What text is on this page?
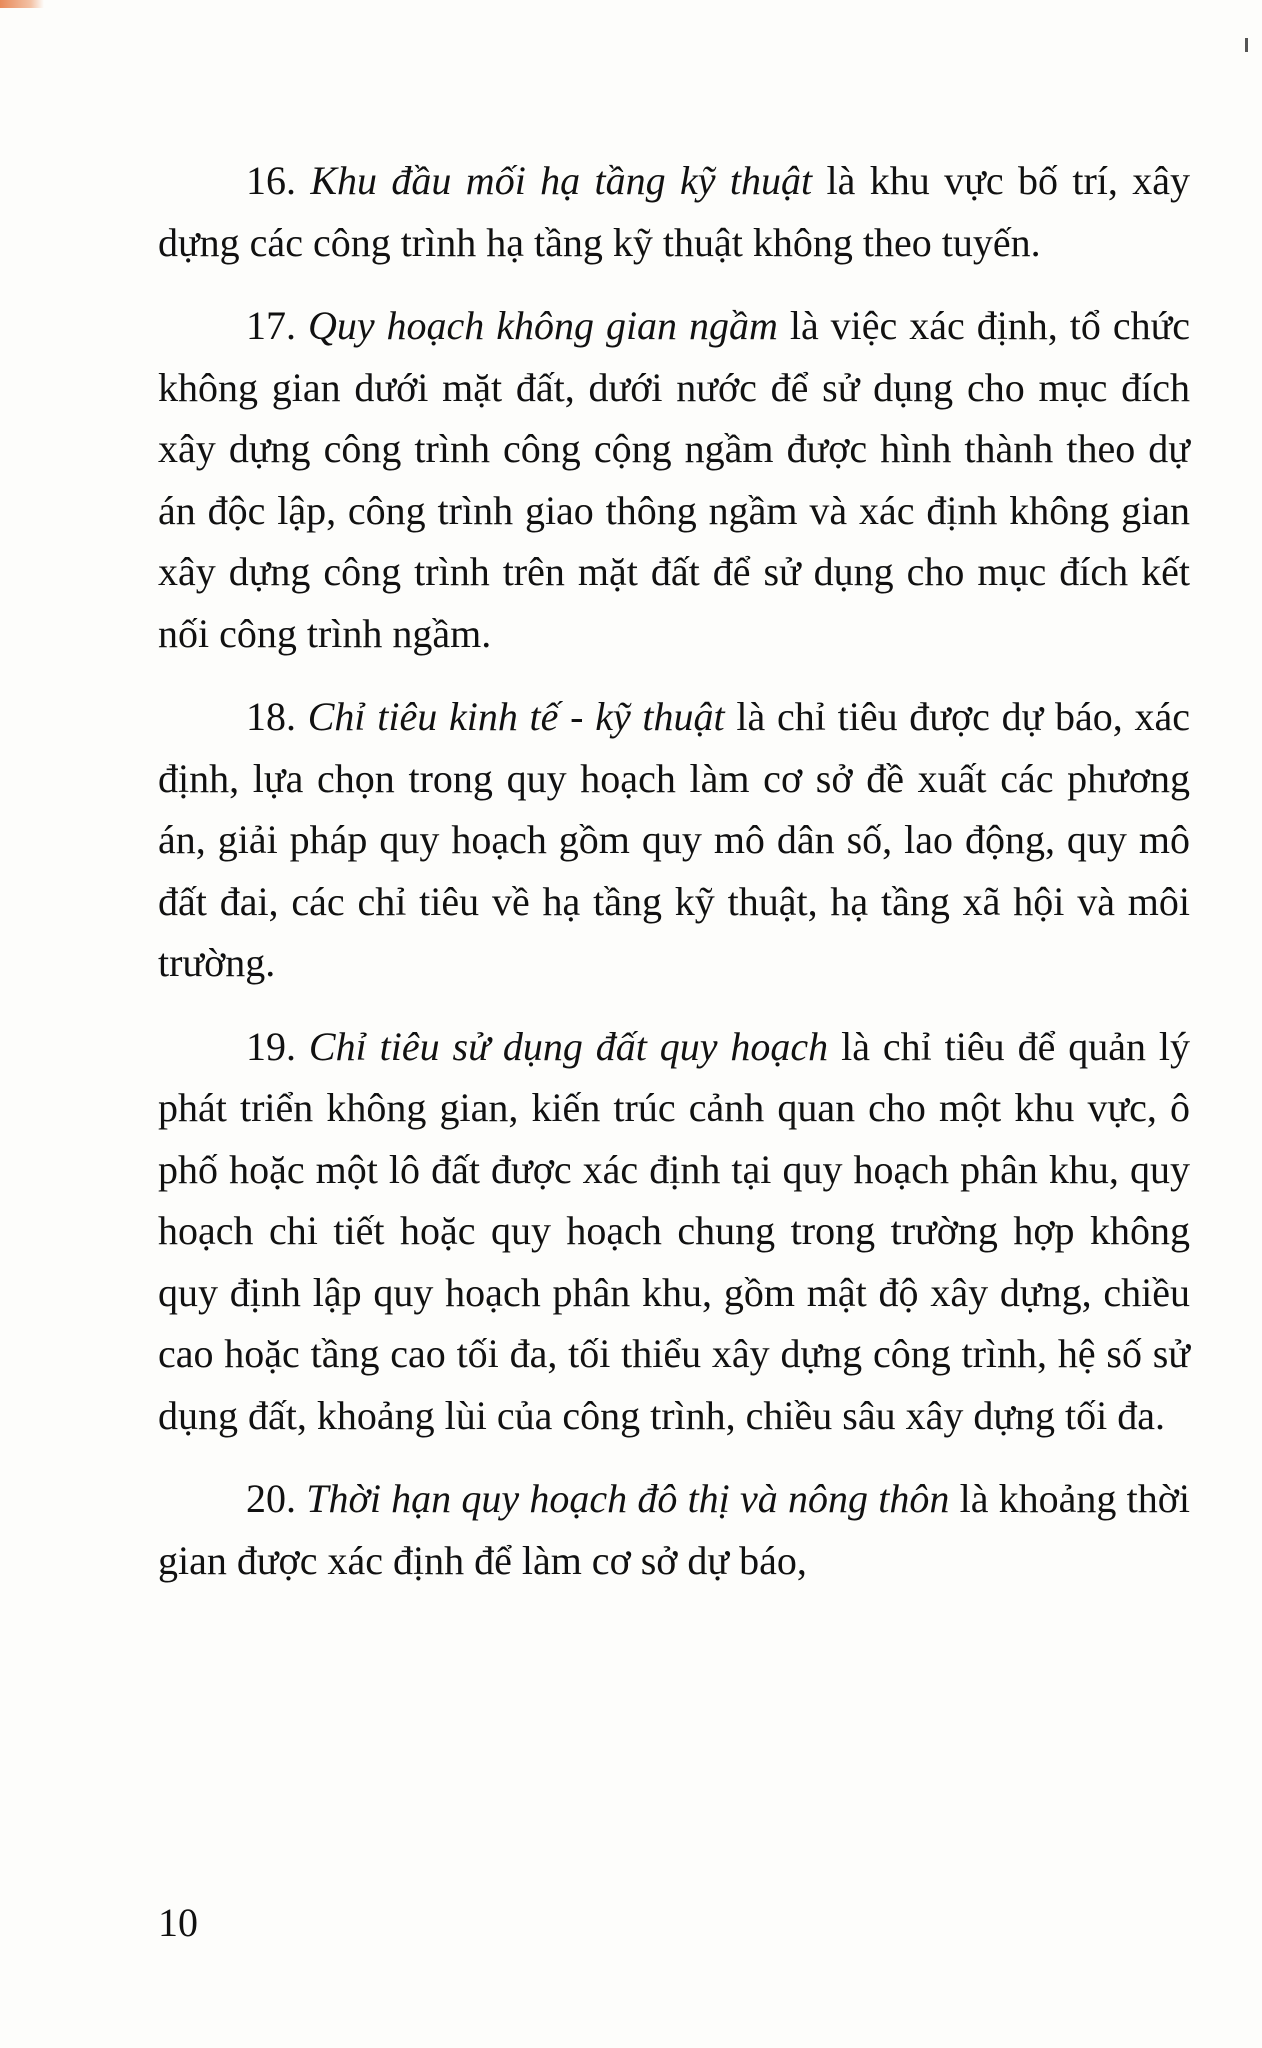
16. Khu đầu mối hạ tầng kỹ thuật là khu vực bố trí, xây dựng các công trình hạ tầng kỹ thuật không theo tuyến.

17. Quy hoạch không gian ngầm là việc xác định, tổ chức không gian dưới mặt đất, dưới nước để sử dụng cho mục đích xây dựng công trình công cộng ngầm được hình thành theo dự án độc lập, công trình giao thông ngầm và xác định không gian xây dựng công trình trên mặt đất để sử dụng cho mục đích kết nối công trình ngầm.

18. Chỉ tiêu kinh tế - kỹ thuật là chỉ tiêu được dự báo, xác định, lựa chọn trong quy hoạch làm cơ sở đề xuất các phương án, giải pháp quy hoạch gồm quy mô dân số, lao động, quy mô đất đai, các chỉ tiêu về hạ tầng kỹ thuật, hạ tầng xã hội và môi trường.

19. Chỉ tiêu sử dụng đất quy hoạch là chỉ tiêu để quản lý phát triển không gian, kiến trúc cảnh quan cho một khu vực, ô phố hoặc một lô đất được xác định tại quy hoạch phân khu, quy hoạch chi tiết hoặc quy hoạch chung trong trường hợp không quy định lập quy hoạch phân khu, gồm mật độ xây dựng, chiều cao hoặc tầng cao tối đa, tối thiểu xây dựng công trình, hệ số sử dụng đất, khoảng lùi của công trình, chiều sâu xây dựng tối đa.

20. Thời hạn quy hoạch đô thị và nông thôn là khoảng thời gian được xác định để làm cơ sở dự báo,

10
